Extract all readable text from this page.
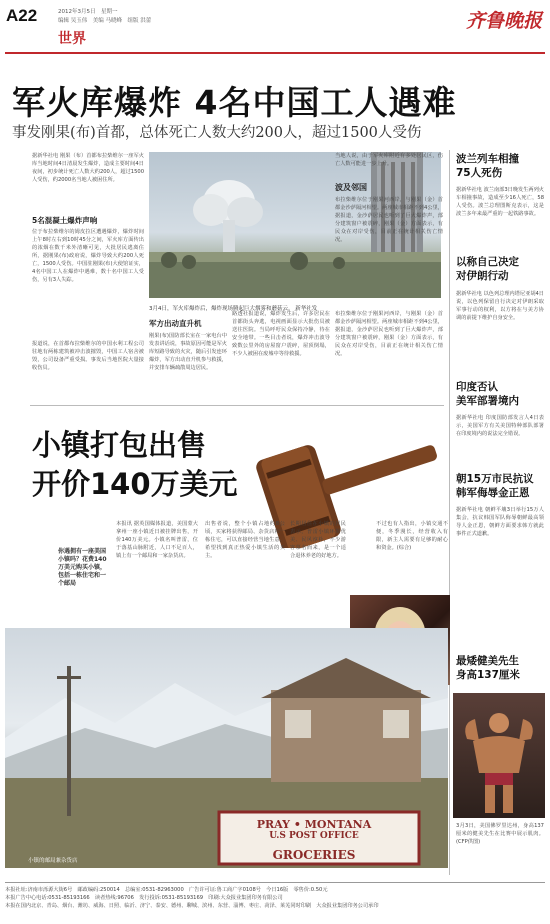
A22	2012年3月5日　星期一
编辑 吴玉伟　美编 马晓峰　组版 洪蕾
世界
齐鲁晚报
军火库爆炸 4名中国工人遇难
事发刚果(布)首都，总体死亡人数大约200人，超过1500人受伤
据新华社电 刚果（布）首都布拉柴维尔一座军火库当地时间4日清晨发生爆炸，造成主要时间4日夜间，初步统计死亡人数大约200人，超过1500人受伤，约2000名当地人被困住所。
5名混凝土爆炸声响
位于布拉柴维尔的姆皮拉区遭遇爆炸，爆炸时间上午8时左右到10时45分之间，军火库方面传出的浓烟在数千米外清晰可见，大批居民逃离住所，据刚果(布)政府说，爆炸导致大约200人死亡，1500人受伤。中国驻刚果(布)大使馆证实，4名中国工人在爆炸中遇难，数十名中国工人受伤，另有3人失踪。
报道说，在首都布拉柴维尔的中国水利工程公司驻地有两栋建筑被冲击波摧毁，中国工人宿舍被毁，公司设备严重受损。事发后当地医院大量接收伤员。
3月4日，军火库爆炸后，爆炸现场腾起巨大烟雾和蘑菇云。 新华社发
军方出动直升机
刚果(布)国防部长室在一家电台中发表讲话说，事故原因可能是军火库短路导致的火灾，随后引发连环爆炸，军方出动直升机参与救援，并安排车辆疏散周边居民。
路透社报道说，爆炸发生后，许多居民在首都街头奔逃，电视画面显示大批伤员被送往医院。当局呼吁民众保持冷静，待在安全地带。一些目击者说，爆炸冲击波导致数公里外的房屋窗户震碎，屋顶倒塌，不少人被困在废墟中等待救援。
当地人说，由于军火库附近有多处居民区，伤亡人数可能进一步上升。
波及邻国
布拉柴维尔位于刚果河西岸，与刚果（金）首都金沙萨隔河相望。两座城市相距不到4公里，据报道，金沙萨居民也听到了巨大爆炸声，部分建筑窗户被震碎，刚果（金）方面表示，有民众在对岸受伤，目前正在统计相关伤亡情况。
布拉柴维尔位于刚果河西岸，与刚果（金）首都金沙萨隔河相望。两座城市相距不到4公里，据报道，金沙萨居民也听到了巨大爆炸声，部分建筑窗户被震碎，刚果（金）方面表示，有民众在对岸受伤，目前正在统计相关伤亡情况。
波兰列车相撞
75人死伤
据新华社电 波兰南部3日晚发生两列火车相撞事故，造成至少16人死亡，58人受伤。波兰总理图斯克表示，这是波兰多年来最严重的一起铁路事故。
以称自己决定
对伊朗行动
据新华社电 以色列总理内塔尼亚胡4日说，以色列保留自行决定对伊朗采取军事行动的权利，以方将在与美方协调的前提下维护自身安全。
印度否认
美军部署境内
据新华社电 印度国防部发言人4日表示，美国军方有关美国特种部队部署在印度境内的说法完全错误。
朝15万市民抗议
韩军侮辱金正恩
据新华社电 朝鲜平壤3日举行15万人集会，抗议韩国军队侮辱朝鲜最高领导人金正恩，朝鲜方面要求韩方就此事件正式道歉。
最矮健美先生
身高137厘米
3月3日，美国佛罗里达州，身高137厘米的健美先生在比赛中展示肌肉。 (CFP供图)
小镇打包出售
开价140万美元
你遇拥有一座美国小镇吗？花费140万美元购买小镇，包括一栋住宅和一个邮局
本报讯 据英国媒体报道，美国蒙大拿州一座小镇近日被挂牌出售，开价140万美元。小镇名叫普雷，位于落基山脉附近，人口不足百人，镇上有一个邮局和一家杂货店。
出售者说，整个小镇占地约8公顷，买家将获得邮局、杂货店和一栋住宅，可以直接经营当地生意，希望找到真正热爱小镇生活的买主。
长期居住在小镇的居民表示，普雷小镇环境优美、民风淳朴，不少游客慕名而来，是一个适合退休养老的好地方。
不过也有人指出，小镇交通不便，冬季漫长，经营收入有限，新主人需要有足够的耐心和资金。(综合)
PRAY • MONTANA
U.S POST OFFICE
GROCERIES
小镇的邮局兼杂货店
本报社址:济南市泺源大街6号　邮政编码:250014　总编室:0531-82963000　广告许可证:鲁工商广字0108号　今日16版　零售价:0.50元
本报广告中心电话:0531-85193166　读者热线:96706　发行投诉:0531-85193169　印刷:大众报业集团印务有限公司
本报在国内北京、青岛、烟台、潍坊、威海、日照、临沂、济宁、泰安、德州、聊城、滨州、东营、淄博、枣庄、菏泽、莱芜同时印刷　大众报业集团印务公司承印
